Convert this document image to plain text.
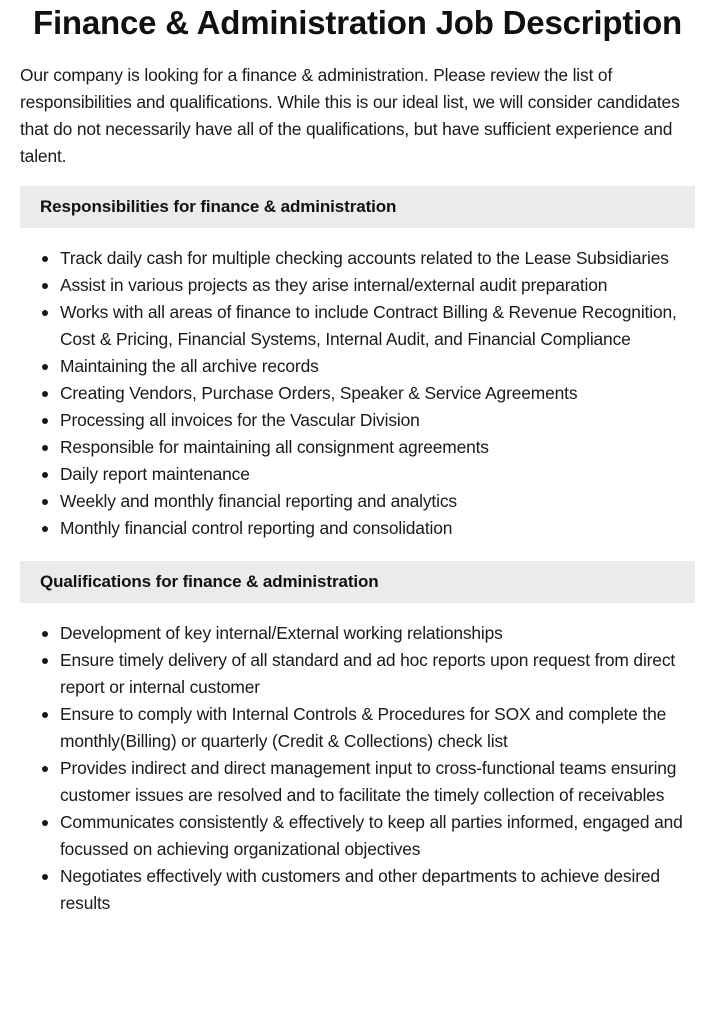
Finance & Administration Job Description

Our company is looking for a finance & administration. Please review the list of responsibilities and qualifications. While this is our ideal list, we will consider candidates that do not necessarily have all of the qualifications, but have sufficient experience and talent.

Responsibilities for finance & administration
Track daily cash for multiple checking accounts related to the Lease Subsidiaries
Assist in various projects as they arise internal/external audit preparation
Works with all areas of finance to include Contract Billing & Revenue Recognition, Cost & Pricing, Financial Systems, Internal Audit, and Financial Compliance
Maintaining the all archive records
Creating Vendors, Purchase Orders, Speaker & Service Agreements
Processing all invoices for the Vascular Division
Responsible for maintaining all consignment agreements
Daily report maintenance
Weekly and monthly financial reporting and analytics
Monthly financial control reporting and consolidation
Qualifications for finance & administration
Development of key internal/External working relationships
Ensure timely delivery of all standard and ad hoc reports upon request from direct report or internal customer
Ensure to comply with Internal Controls & Procedures for SOX and complete the monthly(Billing) or quarterly (Credit & Collections) check list
Provides indirect and direct management input to cross-functional teams ensuring customer issues are resolved and to facilitate the timely collection of receivables
Communicates consistently & effectively to keep all parties informed, engaged and focussed on achieving organizational objectives
Negotiates effectively with customers and other departments to achieve desired results
